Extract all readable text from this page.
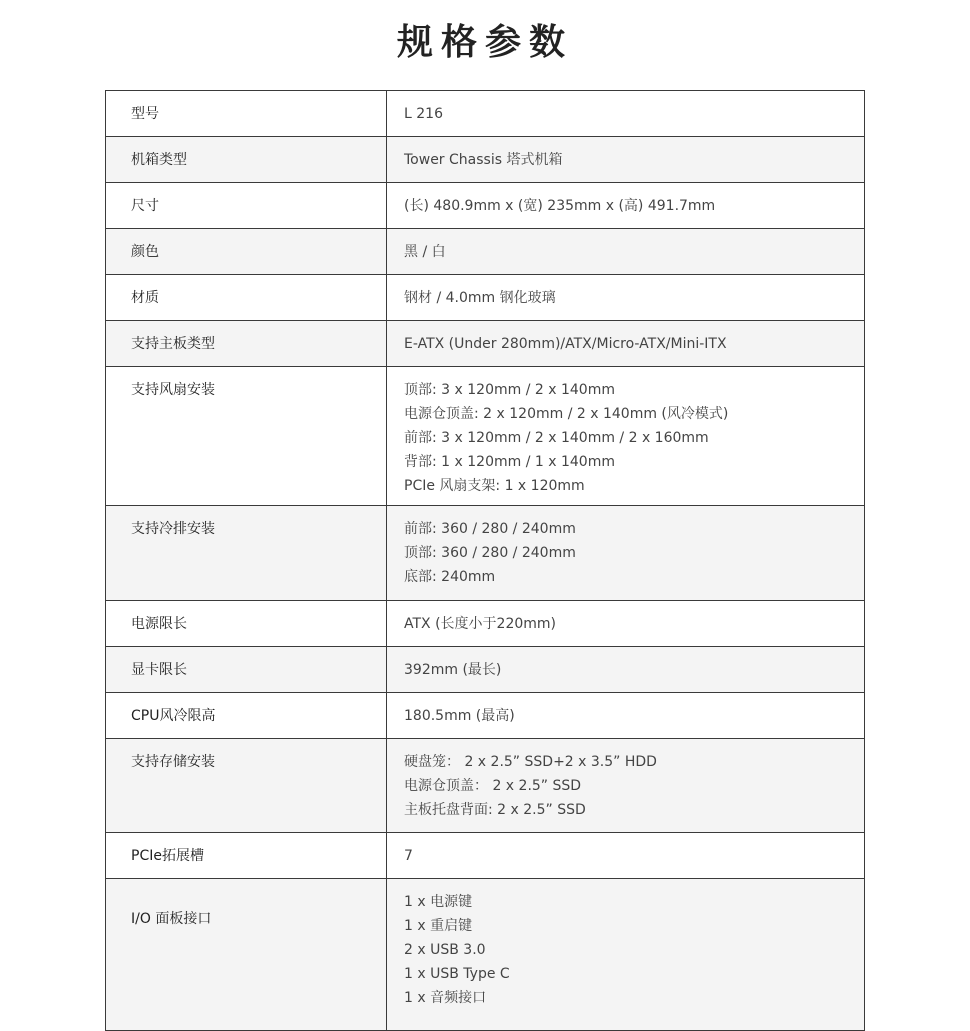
规格参数
型号	L 216
机箱类型	Tower Chassis 塔式机箱
尺寸	(长) 480.9mm x (宽) 235mm x (高) 491.7mm
颜色	黑 / 白
材质	钢材 / 4.0mm 钢化玻璃
支持主板类型	E-ATX (Under 280mm)/ATX/Micro-ATX/Mini-ITX
支持风扇安装	顶部: 3 x 120mm / 2 x 140mm
电源仓顶盖: 2 x 120mm / 2 x 140mm (风冷模式)
前部: 3 x 120mm / 2 x 140mm / 2 x 160mm
背部: 1 x 120mm / 1 x 140mm
PCIe 风扇支架: 1 x 120mm

支持冷排安装	前部: 360 / 280 / 240mm
顶部: 360 / 280 / 240mm
底部: 240mm

电源限长	ATX (长度小于220mm)
显卡限长	392mm (最长)
CPU风冷限高	180.5mm (最高)
支持存储安装	硬盘笼： 2 x 2.5” SSD+2 x 3.5” HDD
电源仓顶盖： 2 x 2.5” SSD
主板托盘背面: 2 x 2.5” SSD

PCIe拓展槽	7
I/O 面板接口	1 x 电源键
1 x 重启键
2 x USB 3.0
1 x USB Type C
1 x 音频接口
